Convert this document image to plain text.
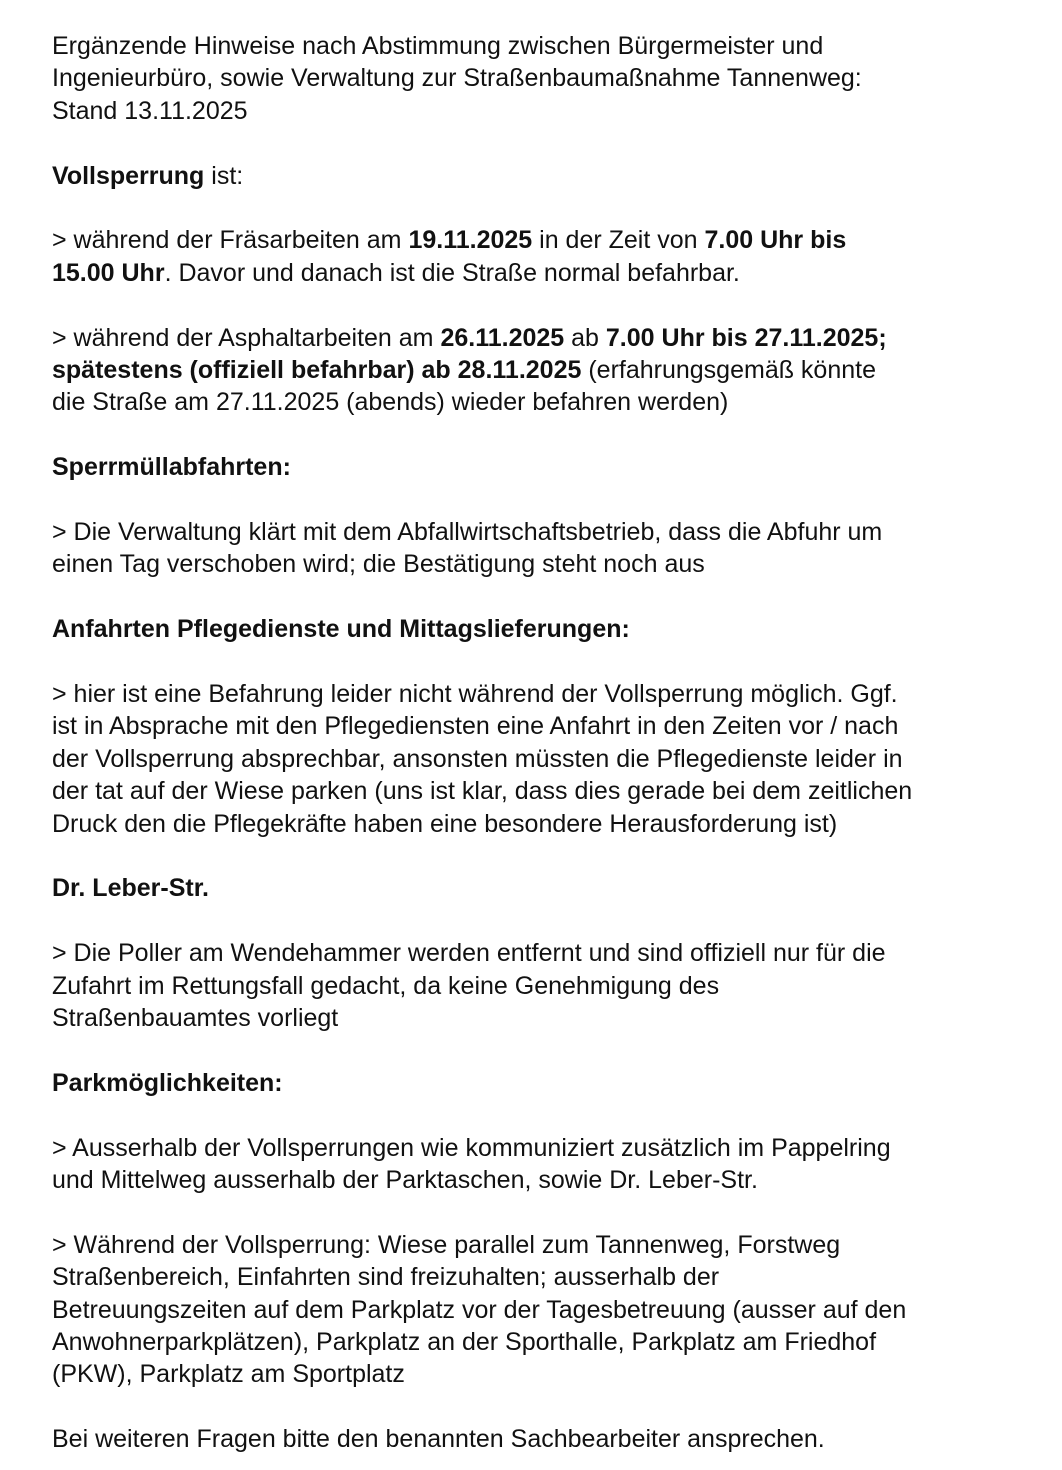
Ergänzende Hinweise nach Abstimmung zwischen Bürgermeister und
Ingenieurbüro, sowie Verwaltung zur Straßenbaumaßnahme Tannenweg:
Stand 13.11.2025

Vollsperrung ist:

> während der Fräsarbeiten am 19.11.2025 in der Zeit von 7.00 Uhr bis
15.00 Uhr. Davor und danach ist die Straße normal befahrbar.

> während der Asphaltarbeiten am 26.11.2025 ab 7.00 Uhr bis 27.11.2025;
spätestens (offiziell befahrbar) ab 28.11.2025 (erfahrungsgemäß könnte
die Straße am 27.11.2025 (abends) wieder befahren werden)

Sperrmüllabfahrten:

> Die Verwaltung klärt mit dem Abfallwirtschaftsbetrieb, dass die Abfuhr um
einen Tag verschoben wird; die Bestätigung steht noch aus

Anfahrten Pflegedienste und Mittagslieferungen:

> hier ist eine Befahrung leider nicht während der Vollsperrung möglich. Ggf.
ist in Absprache mit den Pflegediensten eine Anfahrt in den Zeiten vor / nach
der Vollsperrung absprechbar, ansonsten müssten die Pflegedienste leider in
der tat auf der Wiese parken (uns ist klar, dass dies gerade bei dem zeitlichen
Druck den die Pflegekräfte haben eine besondere Herausforderung ist)

Dr. Leber-Str.

> Die Poller am Wendehammer werden entfernt und sind offiziell nur für die
Zufahrt im Rettungsfall gedacht, da keine Genehmigung des
Straßenbauamtes vorliegt

Parkmöglichkeiten:

> Ausserhalb der Vollsperrungen wie kommuniziert zusätzlich im Pappelring
und Mittelweg ausserhalb der Parktaschen, sowie Dr. Leber-Str.

> Während der Vollsperrung: Wiese parallel zum Tannenweg, Forstweg
Straßenbereich, Einfahrten sind freizuhalten; ausserhalb der
Betreuungszeiten auf dem Parkplatz vor der Tagesbetreuung (ausser auf den
Anwohnerparkplätzen), Parkplatz an der Sporthalle, Parkplatz am Friedhof
(PKW), Parkplatz am Sportplatz

Bei weiteren Fragen bitte den benannten Sachbearbeiter ansprechen.
